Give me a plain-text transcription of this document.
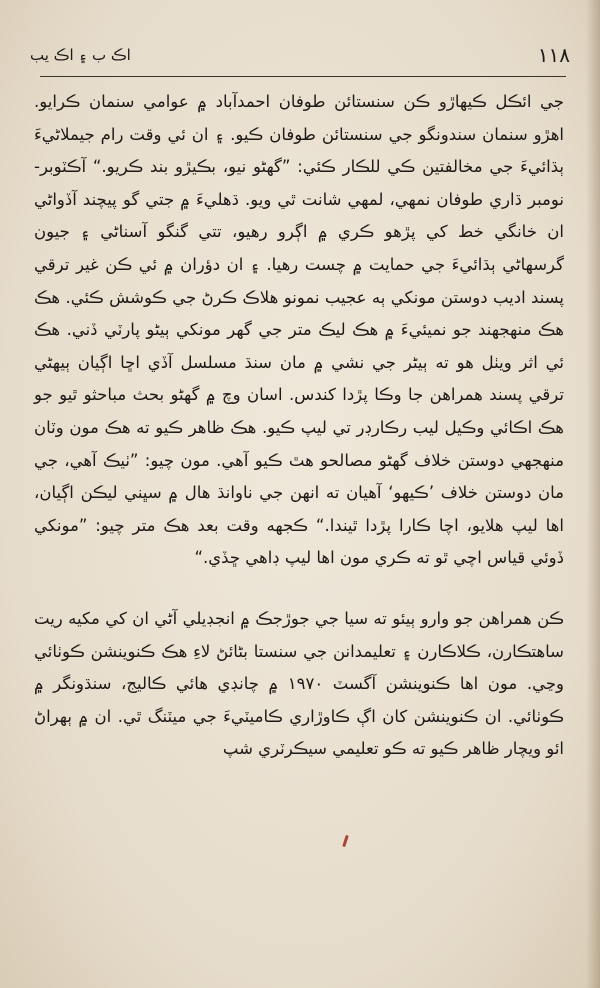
١١٨
اڪ ب ۽ اڪ يب

جي ائڪل ڪيهاڙو ڪن سنستائن طوفان احمدآباد ۾ عوامي سنمان ڪرايو. اهڙو سنمان سندونگو جي سنستائن طوفان ڪيو. ۽ ان ئي وقت رام جيملاڻيءَ ٻڌائيءَ جي مخالفتين ڪي للڪار ڪئي: ”گهڻو نيو، بڪيڙو بند ڪريو.“ آڪٽوبر- نومبر ڌاري طوفان نمهي، لمهي شانت ٿي ويو. ڌهليءَ ۾ جتي گو پيچند آڏواڻي ان خانگي خط کي پڙهو ڪري ۾ اڳرو رهيو، تتي گنگو آسناڻي ۽ جيون گرسهاڻي ٻڌائيءَ جي حمايت ۾ چست رهيا. ۽ ان دؤران ۾ ئي ڪن غير ترقي پسند اديب دوستن مونکي ٻه عجيب نمونو هلاڪ ڪرڻ جي ڪوشش ڪئي. هڪ هڪ منهجهند جو نميئيءَ ۾ هڪ ليڪ متر جي گهر مونکي ٻيڻو پارٽي ڏني. هڪ ئي اثر ويٺل هو ته ٻيڻر جي نشي ۾ مان سنڌ مسلسل آڏي اڇا اڳيان ٻيهڻي ترقي پسند همراهن جا وڪا پڙدا کندس. اسان وچ ۾ گهڻو بحث مباحثو ٿيو جو هڪ اڪائي وڪيل ليب رڪارڊر تي ليپ ڪيو. هڪ ظاهر ڪيو ته هڪ مون وٽان منهجهي دوستن خلاف گهڻو مصالحو هٿ ڪيو آهي. مون چيو: ”ٺيڪ آهي، جي مان دوستن خلاف ’ڪيهو‘ آهيان ته انهن جي ناوانڌ هال ۾ سڀني ليڪن اڳيان، اها ليپ هلايو، اچا ڪارا پڙدا ٿيندا.“ ڪجهه وقت بعد هڪ متر چيو: ”مونکي ڏوئي قياس اچي ٿو ته ڪري مون اها ليپ ڊاهي ڇڏي.“

ڪن همراهن جو وارو ٻيئو ته سيا جي جوڙجڪ ۾ انجڊيلي آڻي ان کي مکيه ريت ساهتڪارن، ڪلاڪارن ۽ تعليمدانن جي سنستا بڻائڻ لاءِ هڪ ڪنوينشن ڪوٺائي وڃي. مون اها ڪنوينشن آگسٽ ١٩٧٠ ۾ چانڊي هائي ڪاليج، سنڌونگر ۾ ڪوٺائي. ان ڪنوينشن کان اڳ ڪاوڙاري ڪاميٽيءَ جي ميٽنگ ٿي. ان ۾ ٻهراڻ ائو ويچار ظاهر ڪيو ته ڪو تعليمي سيڪرٽري شپ
